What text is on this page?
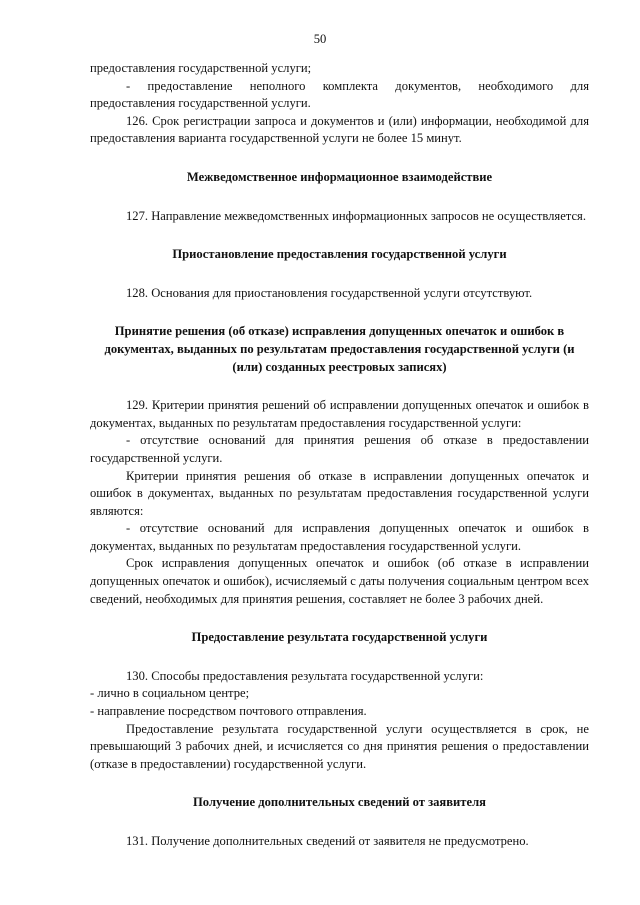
50

предоставления государственной услуги;

- предоставление неполного комплекта документов, необходимого для предоставления государственной услуги.

126. Срок регистрации запроса и документов и (или) информации, необходимой для предоставления варианта государственной услуги не более 15 минут.

Межведомственное информационное взаимодействие

127. Направление межведомственных информационных запросов не осуществляется.

Приостановление предоставления государственной услуги

128. Основания для приостановления государственной услуги отсутствуют.

Принятие решения (об отказе) исправления допущенных опечаток и ошибок в документах, выданных по результатам предоставления государственной услуги (и (или) созданных реестровых записях)

129. Критерии принятия решений об исправлении допущенных опечаток и ошибок в документах, выданных по результатам предоставления государственной услуги:

- отсутствие оснований для принятия решения об отказе в предоставлении государственной услуги.

Критерии принятия решения об отказе в исправлении допущенных опечаток и ошибок в документах, выданных по результатам предоставления государственной услуги являются:

- отсутствие оснований для исправления допущенных опечаток и ошибок в документах, выданных по результатам предоставления государственной услуги.

Срок исправления допущенных опечаток и ошибок (об отказе в исправлении допущенных опечаток и ошибок), исчисляемый с даты получения социальным центром всех сведений, необходимых для принятия решения, составляет не более 3 рабочих дней.

Предоставление результата государственной услуги

130. Способы предоставления результата государственной услуги:

- лично в социальном центре;

- направление посредством почтового отправления.

Предоставление результата государственной услуги осуществляется в срок, не превышающий 3 рабочих дней, и исчисляется со дня принятия решения о предоставлении (отказе в предоставлении) государственной услуги.

Получение дополнительных сведений от заявителя

131. Получение дополнительных сведений от заявителя не предусмотрено.
